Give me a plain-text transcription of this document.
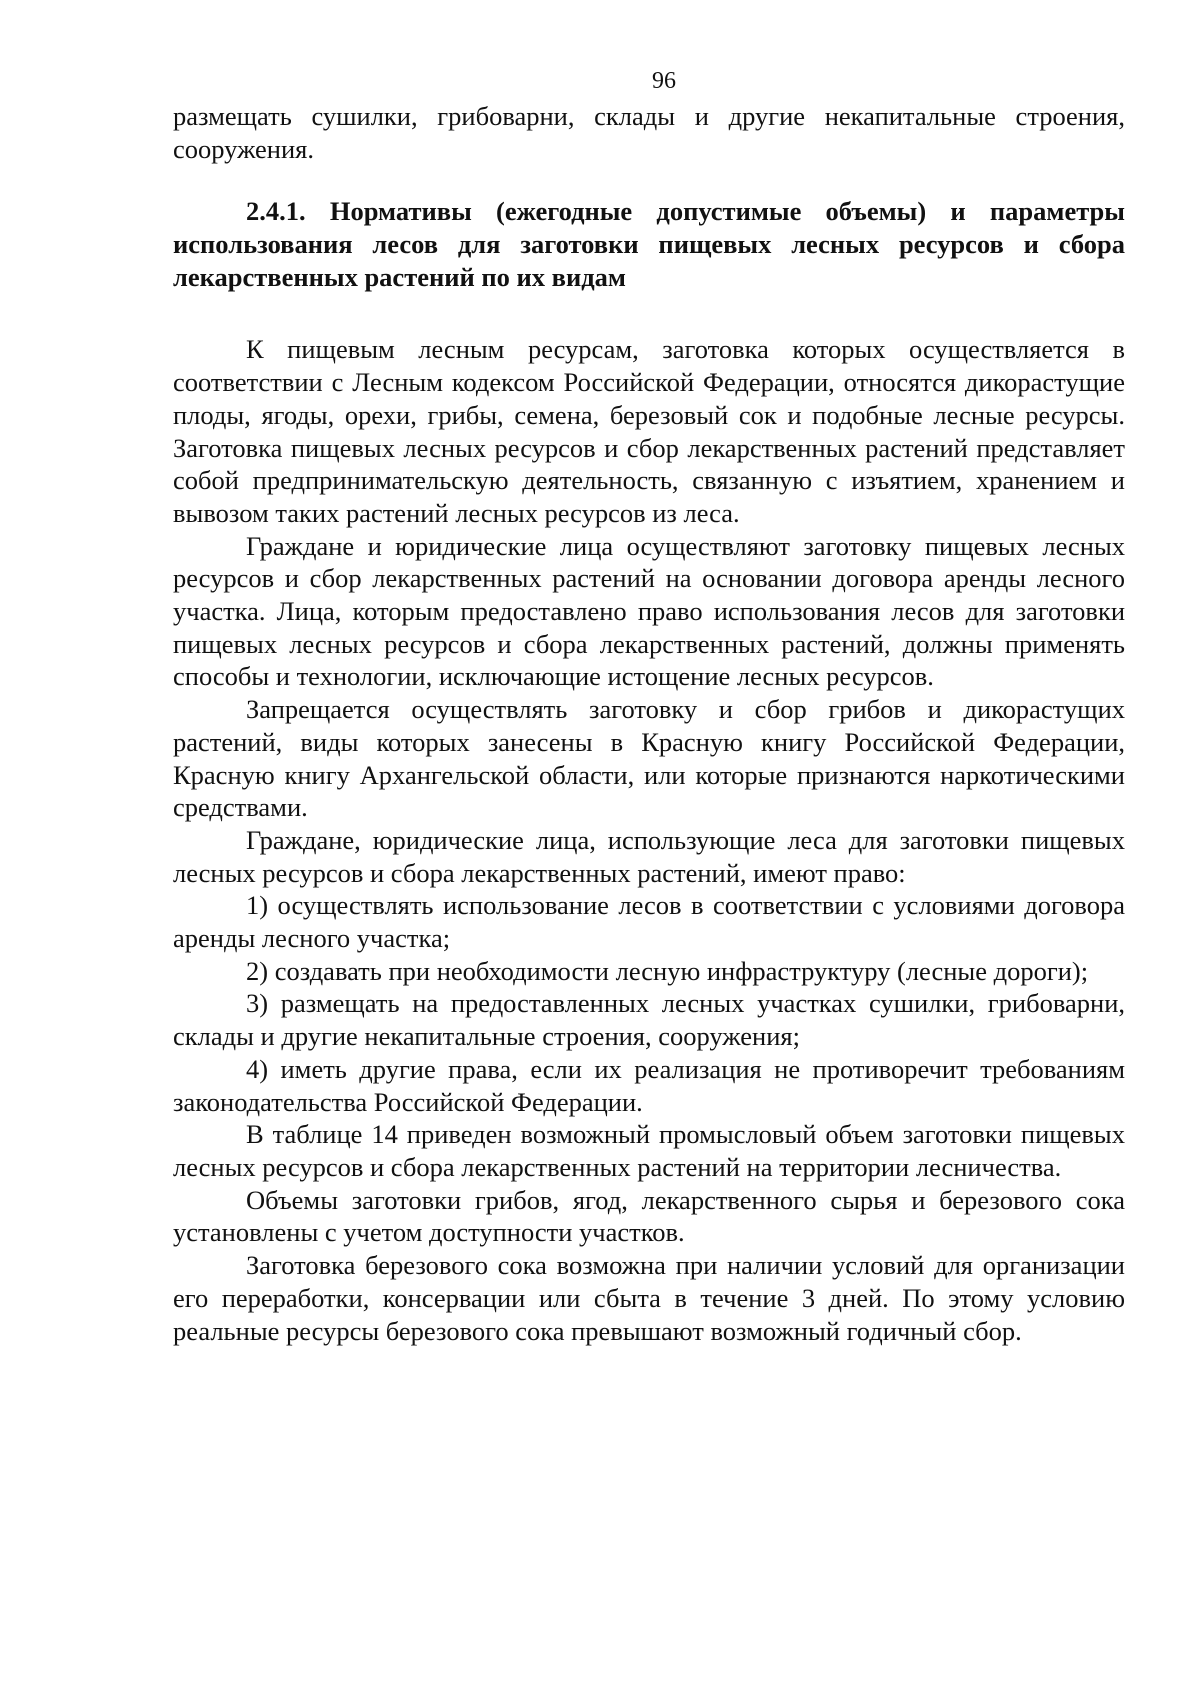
96

размещать сушилки, грибоварни, склады и другие некапитальные строения, сооружения.

2.4.1. Нормативы (ежегодные допустимые объемы) и параметры использования лесов для заготовки пищевых лесных ресурсов и сбора лекарственных растений по их видам

К пищевым лесным ресурсам, заготовка которых осуществляется в соответствии с Лесным кодексом Российской Федерации, относятся дикорастущие плоды, ягоды, орехи, грибы, семена, березовый сок и подобные лесные ресурсы. Заготовка пищевых лесных ресурсов и сбор лекарственных растений представляет собой предпринимательскую деятельность, связанную с изъятием, хранением и вывозом таких растений лесных ресурсов из леса.

Граждане и юридические лица осуществляют заготовку пищевых лесных ресурсов и сбор лекарственных растений на основании договора аренды лесного участка. Лица, которым предоставлено право использования лесов для заготовки пищевых лесных ресурсов и сбора лекарственных растений, должны применять способы и технологии, исключающие истощение лесных ресурсов.

Запрещается осуществлять заготовку и сбор грибов и дикорастущих растений, виды которых занесены в Красную книгу Российской Федерации, Красную книгу Архангельской области, или которые признаются наркотическими средствами.

Граждане, юридические лица, использующие леса для заготовки пищевых лесных ресурсов и сбора лекарственных растений, имеют право:

1) осуществлять использование лесов в соответствии с условиями договора аренды лесного участка;

2) создавать при необходимости лесную инфраструктуру (лесные дороги);

3) размещать на предоставленных лесных участках сушилки, грибоварни, склады и другие некапитальные строения, сооружения;

4) иметь другие права, если их реализация не противоречит требованиям законодательства Российской Федерации.

В таблице 14 приведен возможный промысловый объем заготовки пищевых лесных ресурсов и сбора лекарственных растений на территории лесничества.

Объемы заготовки грибов, ягод, лекарственного сырья и березового сока установлены с учетом доступности участков.

Заготовка березового сока возможна при наличии условий для организации его переработки, консервации или сбыта в течение 3 дней. По этому условию реальные ресурсы березового сока превышают возможный годичный сбор.
